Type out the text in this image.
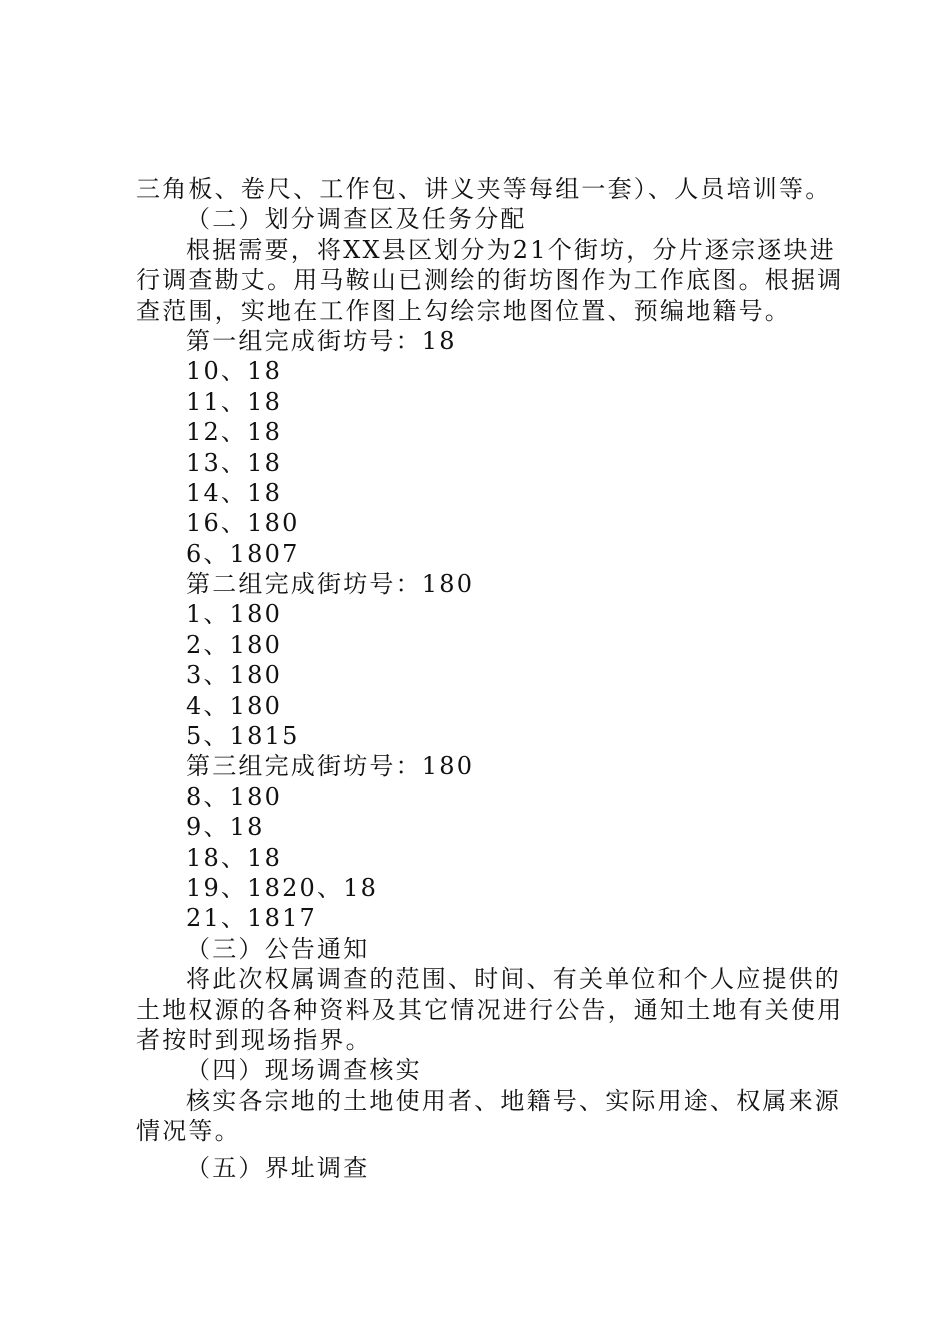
三角板、卷尺、工作包、讲义夹等每组一套）、人员培训等。
（二）划分调查区及任务分配
根据需要，将XX县区划分为21个街坊，分片逐宗逐块进
行调查勘丈。用马鞍山已测绘的街坊图作为工作底图。根据调
查范围，实地在工作图上勾绘宗地图位置、预编地籍号。
第一组完成街坊号：18
10、18
11、18
12、18
13、18
14、18
16、180
6、1807
第二组完成街坊号：180
1、180
2、180
3、180
4、180
5、1815
第三组完成街坊号：180
8、180
9、18
18、18
19、1820、18
21、1817
（三）公告通知
将此次权属调查的范围、时间、有关单位和个人应提供的
土地权源的各种资料及其它情况进行公告，通知土地有关使用
者按时到现场指界。
（四）现场调查核实
核实各宗地的土地使用者、地籍号、实际用途、权属来源
情况等。
（五）界址调查
